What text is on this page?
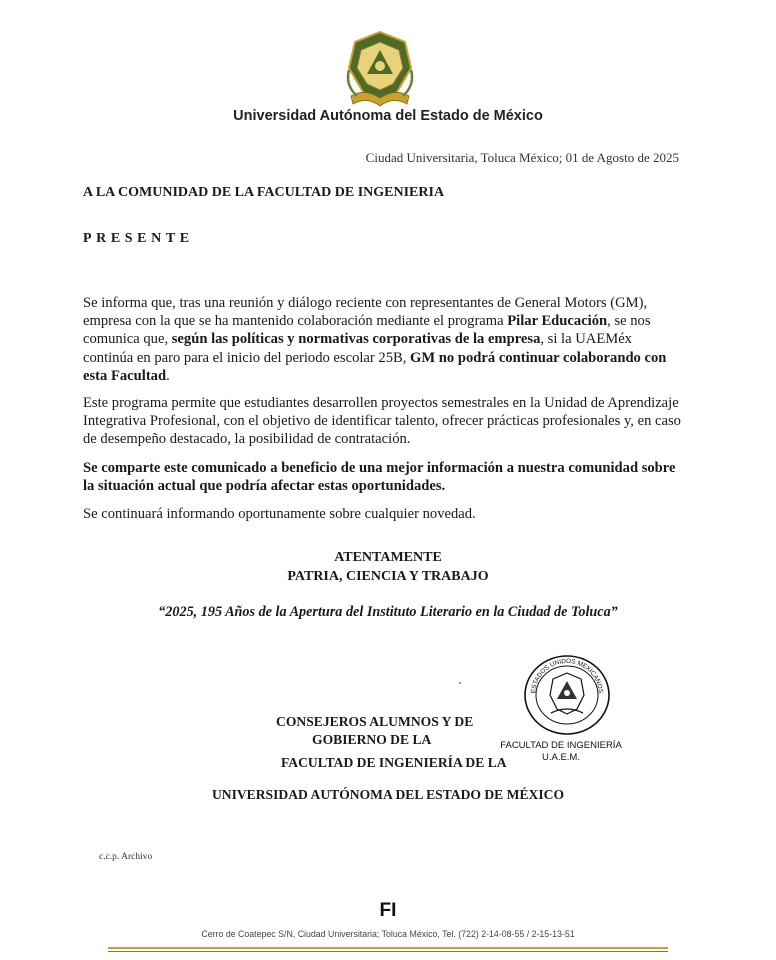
Universidad Autónoma del Estado de México
Ciudad Universitaria, Toluca México; 01 de Agosto de 2025
A LA COMUNIDAD DE LA FACULTAD DE INGENIERIA
PRESENTE
Se informa que, tras una reunión y diálogo reciente con representantes de General Motors (GM), empresa con la que se ha mantenido colaboración mediante el programa Pilar Educación, se nos comunica que, según las políticas y normativas corporativas de la empresa, si la UAEMéx continúa en paro para el inicio del periodo escolar 25B, GM no podrá continuar colaborando con esta Facultad.
Este programa permite que estudiantes desarrollen proyectos semestrales en la Unidad de Aprendizaje Integrativa Profesional, con el objetivo de identificar talento, ofrecer prácticas profesionales y, en caso de desempeño destacado, la posibilidad de contratación.
Se comparte este comunicado a beneficio de una mejor información a nuestra comunidad sobre la situación actual que podría afectar estas oportunidades.
Se continuará informando oportunamente sobre cualquier novedad.
ATENTAMENTE
PATRIA, CIENCIA Y TRABAJO
“2025, 195 Años de la Apertura del Instituto Literario en la Ciudad de Toluca”
ESTADOS UNIDOS MEXICANOS
FACULTAD DE INGENIERÍA
U.A.E.M.
CONSEJEROS ALUMNOS Y DE
GOBIERNO DE LA
FACULTAD DE INGENIERÍA DE LA
UNIVERSIDAD AUTÓNOMA DEL ESTADO DE MÉXICO
c.c.p. Archivo
FI
Cerro de Coatepec S/N, Ciudad Universitaria; Toluca México, Tel. (722) 2-14-08-55 / 2-15-13-51
